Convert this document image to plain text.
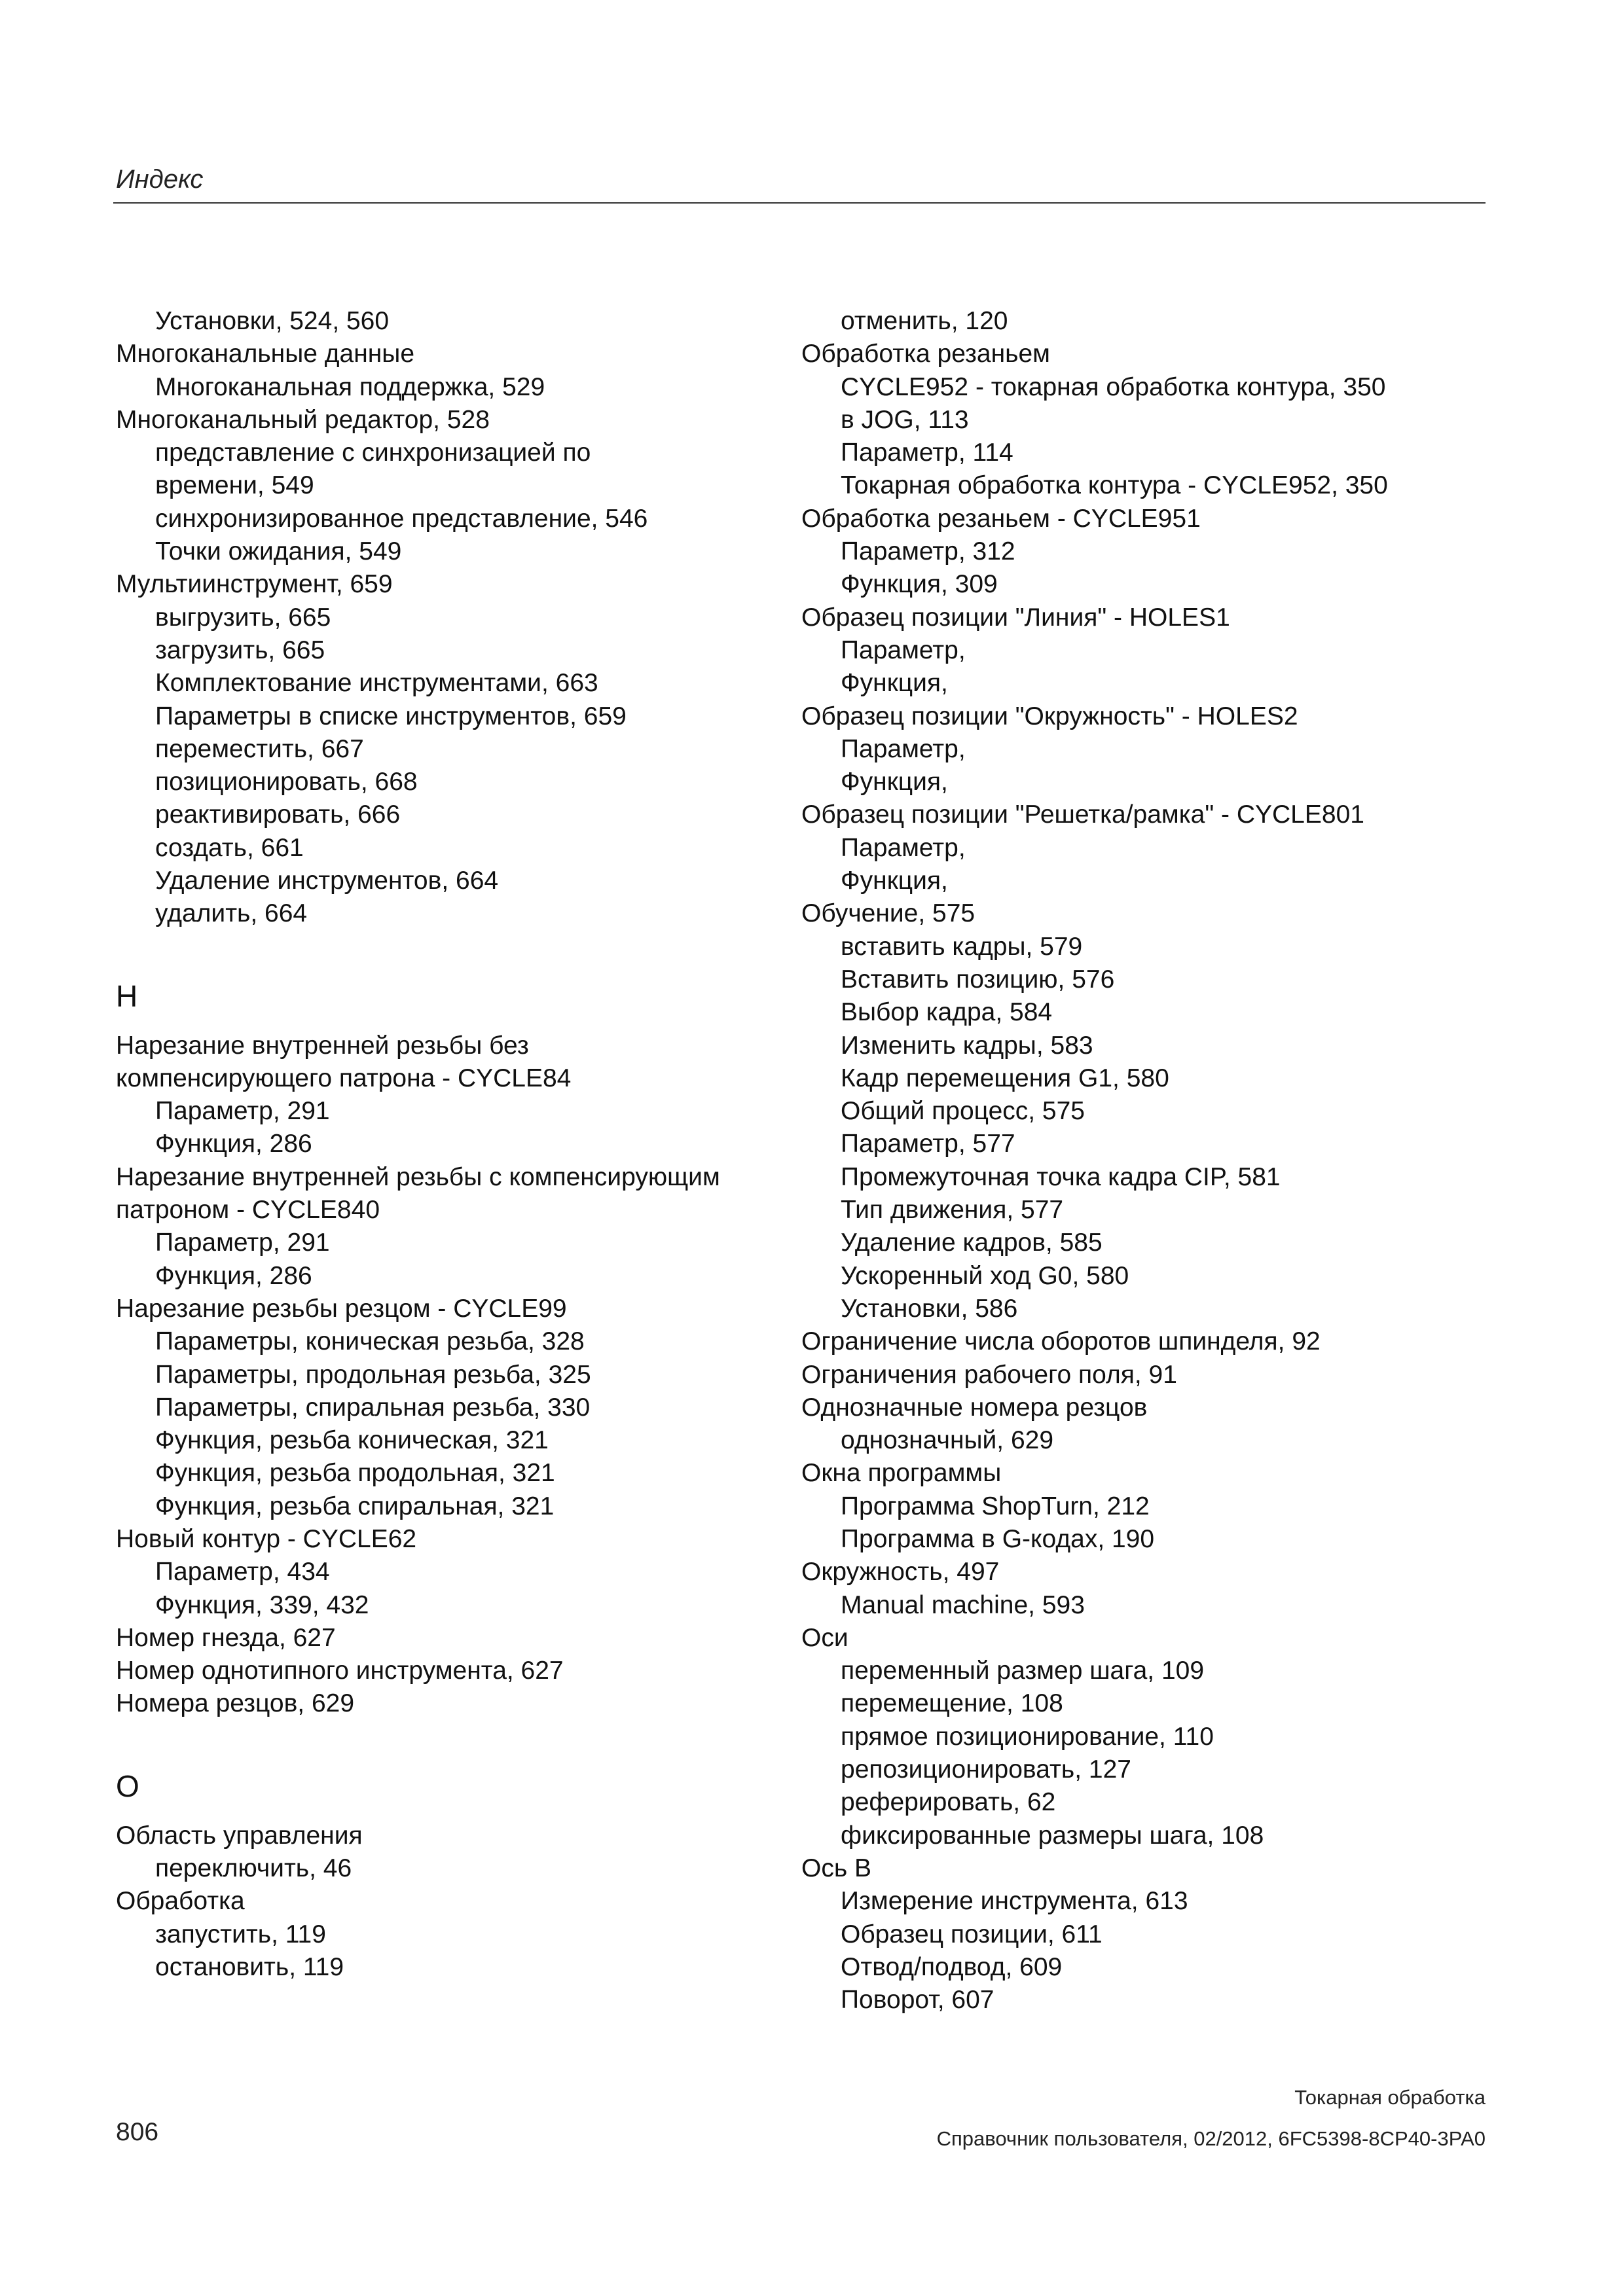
Индекс
Установки, 524, 560
Многоканальные данные
Многоканальная поддержка, 529
Многоканальный редактор, 528
представление с синхронизацией по
времени, 549
синхронизированное представление, 546
Точки ожидания, 549
Мультиинструмент, 659
выгрузить, 665
загрузить, 665
Комплектование инструментами, 663
Параметры в списке инструментов, 659
переместить, 667
позиционировать, 668
реактивировать, 666
создать, 661
Удаление инструментов, 664
удалить, 664
Н
Нарезание внутренней резьбы без
компенсирующего патрона - CYCLE84
Параметр, 291
Функция, 286
Нарезание внутренней резьбы с компенсирующим
патроном - CYCLE840
Параметр, 291
Функция, 286
Нарезание резьбы резцом - CYCLE99
Параметры, коническая резьба, 328
Параметры, продольная резьба, 325
Параметры, спиральная резьба, 330
Функция, резьба коническая, 321
Функция, резьба продольная, 321
Функция, резьба спиральная, 321
Новый контур - CYCLE62
Параметр, 434
Функция, 339, 432
Номер гнезда, 627
Номер однотипного инструмента, 627
Номера резцов, 629
О
Область управления
переключить, 46
Обработка
запустить, 119
остановить, 119
отменить, 120
Обработка резаньем
CYCLE952 - токарная обработка контура, 350
в JOG, 113
Параметр, 114
Токарная обработка контура - CYCLE952, 350
Обработка резаньем - CYCLE951
Параметр, 312
Функция, 309
Образец позиции "Линия" - HOLES1
Параметр,
Функция,
Образец позиции "Окружность" - HOLES2
Параметр,
Функция,
Образец позиции "Решетка/рамка" - CYCLE801
Параметр,
Функция,
Обучение, 575
вставить кадры, 579
Вставить позицию, 576
Выбор кадра, 584
Изменить кадры, 583
Кадр перемещения G1, 580
Общий процесс, 575
Параметр, 577
Промежуточная точка кадра CIP, 581
Тип движения, 577
Удаление кадров, 585
Ускоренный ход G0, 580
Установки, 586
Ограничение числа оборотов шпинделя, 92
Ограничения рабочего поля, 91
Однозначные номера резцов
однозначный, 629
Окна программы
Программа ShopTurn, 212
Программа в G-кодах, 190
Окружность, 497
Manual machine, 593
Оси
переменный размер шага, 109
перемещение, 108
прямое позиционирование, 110
репозиционировать, 127
реферировать, 62
фиксированные размеры шага, 108
Ось B
Измерение инструмента, 613
Образец позиции, 611
Отвод/подвод, 609
Поворот, 607
806
Токарная обработка
Справочник пользователя, 02/2012, 6FC5398-8CP40-3PA0
